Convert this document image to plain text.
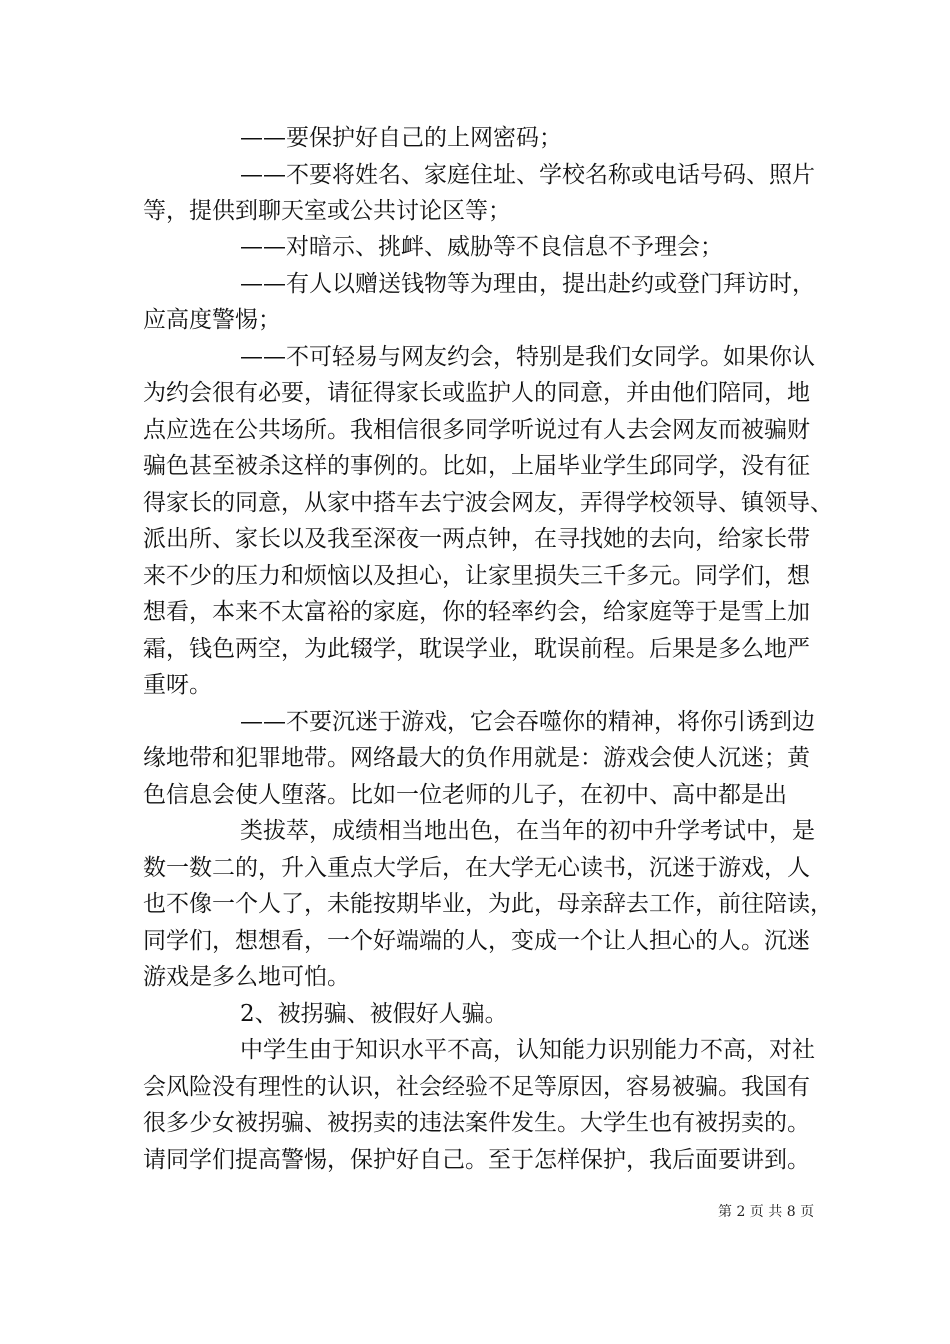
——要保护好自己的上网密码；
——不要将姓名、家庭住址、学校名称或电话号码、照片
等，提供到聊天室或公共讨论区等；
——对暗示、挑衅、威胁等不良信息不予理会；
——有人以赠送钱物等为理由，提出赴约或登门拜访时，
应高度警惕；
——不可轻易与网友约会，特别是我们女同学。如果你认
为约会很有必要，请征得家长或监护人的同意，并由他们陪同，地
点应选在公共场所。我相信很多同学听说过有人去会网友而被骗财
骗色甚至被杀这样的事例的。比如，上届毕业学生邱同学，没有征
得家长的同意，从家中搭车去宁波会网友，弄得学校领导、镇领导、
派出所、家长以及我至深夜一两点钟，在寻找她的去向，给家长带
来不少的压力和烦恼以及担心，让家里损失三千多元。同学们，想
想看，本来不太富裕的家庭，你的轻率约会，给家庭等于是雪上加
霜，钱色两空，为此辍学，耽误学业，耽误前程。后果是多么地严
重呀。
——不要沉迷于游戏，它会吞噬你的精神，将你引诱到边
缘地带和犯罪地带。网络最大的负作用就是：游戏会使人沉迷；黄
色信息会使人堕落。比如一位老师的儿子，在初中、高中都是出
类拔萃，成绩相当地出色，在当年的初中升学考试中，是
数一数二的，升入重点大学后，在大学无心读书，沉迷于游戏，人
也不像一个人了，未能按期毕业，为此，母亲辞去工作，前往陪读，
同学们，想想看，一个好端端的人，变成一个让人担心的人。沉迷
游戏是多么地可怕。
2、被拐骗、被假好人骗。
中学生由于知识水平不高，认知能力识别能力不高，对社
会风险没有理性的认识，社会经验不足等原因，容易被骗。我国有
很多少女被拐骗、被拐卖的违法案件发生。大学生也有被拐卖的。
请同学们提高警惕，保护好自己。至于怎样保护，我后面要讲到。
第 2 页 共 8 页
